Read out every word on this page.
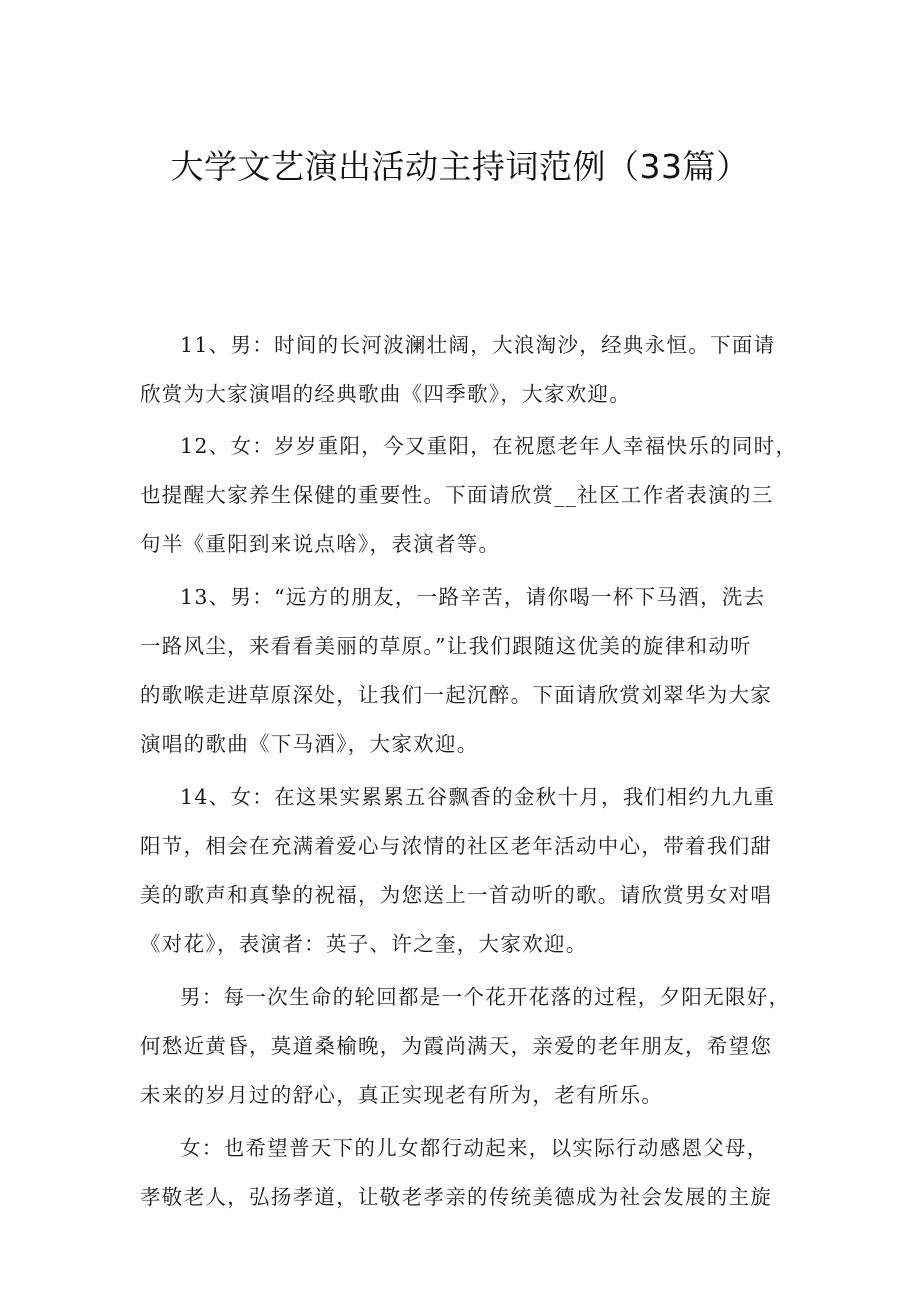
大学文艺演出活动主持词范例（33篇）
11、男：时间的长河波澜壮阔，大浪淘沙，经典永恒。下面请
欣赏为大家演唱的经典歌曲《四季歌》，大家欢迎。
12、女：岁岁重阳，今又重阳，在祝愿老年人幸福快乐的同时，
也提醒大家养生保健的重要性。下面请欣赏__社区工作者表演的三
句半《重阳到来说点啥》，表演者等。
13、男：“远方的朋友，一路辛苦，请你喝一杯下马酒，洗去
一路风尘，来看看美丽的草原。”让我们跟随这优美的旋律和动听
的歌喉走进草原深处，让我们一起沉醉。下面请欣赏刘翠华为大家
演唱的歌曲《下马酒》，大家欢迎。
14、女：在这果实累累五谷飘香的金秋十月，我们相约九九重
阳节，相会在充满着爱心与浓情的社区老年活动中心，带着我们甜
美的歌声和真挚的祝福，为您送上一首动听的歌。请欣赏男女对唱
《对花》，表演者：英子、许之奎，大家欢迎。
男：每一次生命的轮回都是一个花开花落的过程，夕阳无限好，
何愁近黄昏，莫道桑榆晚，为霞尚满天，亲爱的老年朋友，希望您
未来的岁月过的舒心，真正实现老有所为，老有所乐。
女：也希望普天下的儿女都行动起来，以实际行动感恩父母，
孝敬老人，弘扬孝道，让敬老孝亲的传统美德成为社会发展的主旋
